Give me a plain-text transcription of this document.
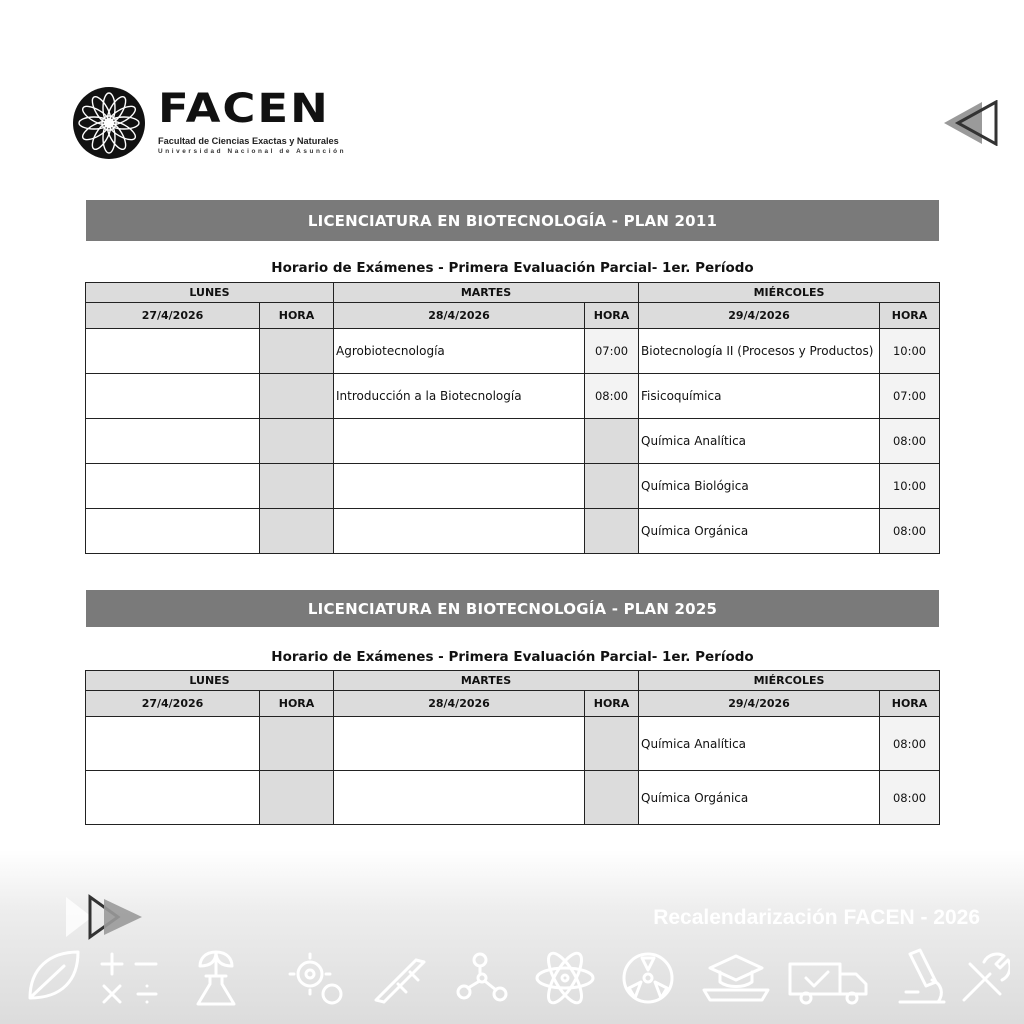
FACEN
Facultad de Ciencias Exactas y Naturales
Universidad Nacional de Asunción
LICENCIATURA EN BIOTECNOLOGÍA - PLAN 2011
Horario de Exámenes - Primera Evaluación Parcial- 1er. Período
LUNES		MARTES		MIÉRCOLES	
27/4/2026	HORA	28/4/2026	HORA	29/4/2026	HORA
		Agrobiotecnología	07:00	Biotecnología II (Procesos y Productos)	10:00
		Introducción a la Biotecnología	08:00	Fisicoquímica	07:00
				Química Analítica	08:00
				Química Biológica	10:00
				Química Orgánica	08:00
LICENCIATURA EN BIOTECNOLOGÍA - PLAN 2025
Horario de Exámenes - Primera Evaluación Parcial- 1er. Período
LUNES		MARTES		MIÉRCOLES	
27/4/2026	HORA	28/4/2026	HORA	29/4/2026	HORA
				Química Analítica	08:00
				Química Orgánica	08:00
Recalendarización FACEN - 2026
